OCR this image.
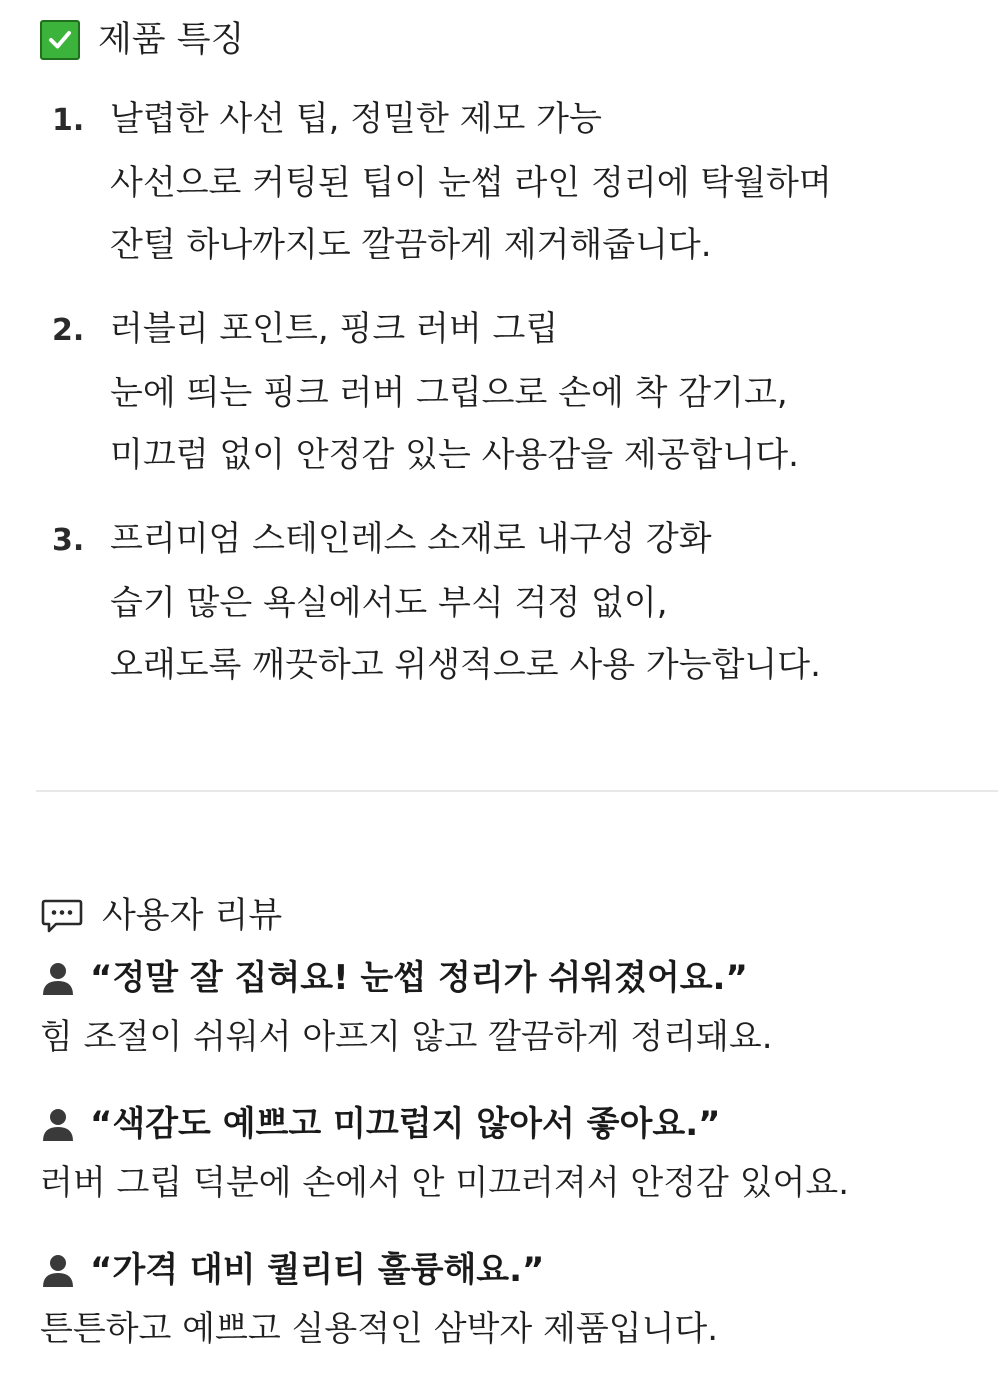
제품 특징
1. 날렵한 사선 팁, 정밀한 제모 가능
사선으로 커팅된 팁이 눈썹 라인 정리에 탁월하며
잔털 하나까지도 깔끔하게 제거해줍니다.
2. 러블리 포인트, 핑크 러버 그립
눈에 띄는 핑크 러버 그립으로 손에 착 감기고,
미끄럼 없이 안정감 있는 사용감을 제공합니다.
3. 프리미엄 스테인레스 소재로 내구성 강화
습기 많은 욕실에서도 부식 걱정 없이,
오래도록 깨끗하고 위생적으로 사용 가능합니다.
사용자 리뷰
“정말 잘 집혀요! 눈썹 정리가 쉬워졌어요.”
힘 조절이 쉬워서 아프지 않고 깔끔하게 정리돼요.
“색감도 예쁘고 미끄럽지 않아서 좋아요.”
러버 그립 덕분에 손에서 안 미끄러져서 안정감 있어요.
“가격 대비 퀄리티 훌륭해요.”
튼튼하고 예쁘고 실용적인 삼박자 제품입니다.
